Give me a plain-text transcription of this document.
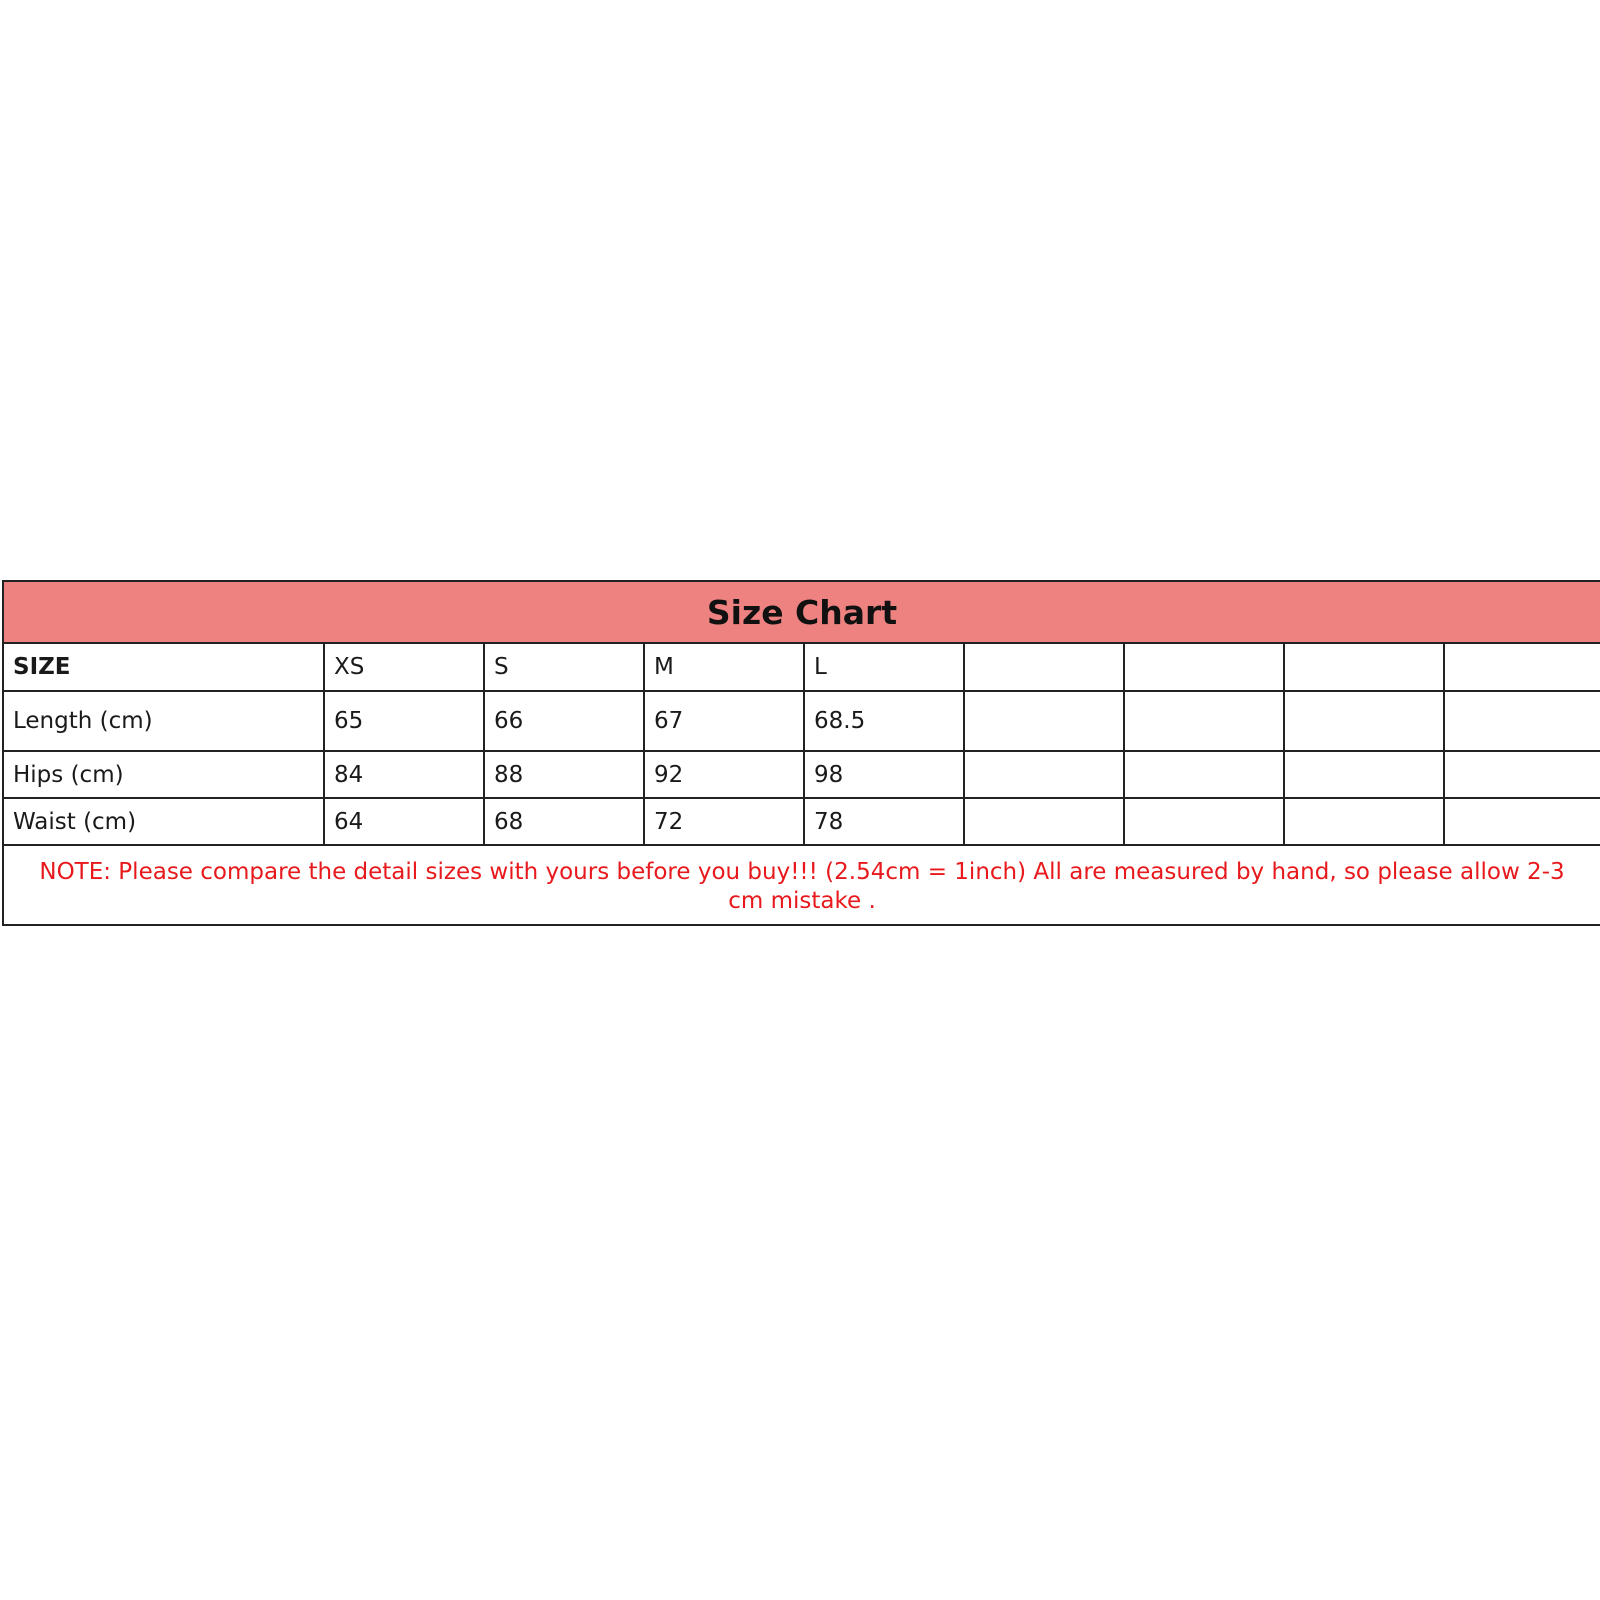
Size Chart
SIZE	XS	S	M	L				
Length (cm)	65	66	67	68.5				
Hips (cm)	84	88	92	98				
Waist (cm)	64	68	72	78				
NOTE: Please compare the detail sizes with yours before you buy!!! (2.54cm = 1inch) All are measured by hand, so please allow 2-3 cm mistake .
